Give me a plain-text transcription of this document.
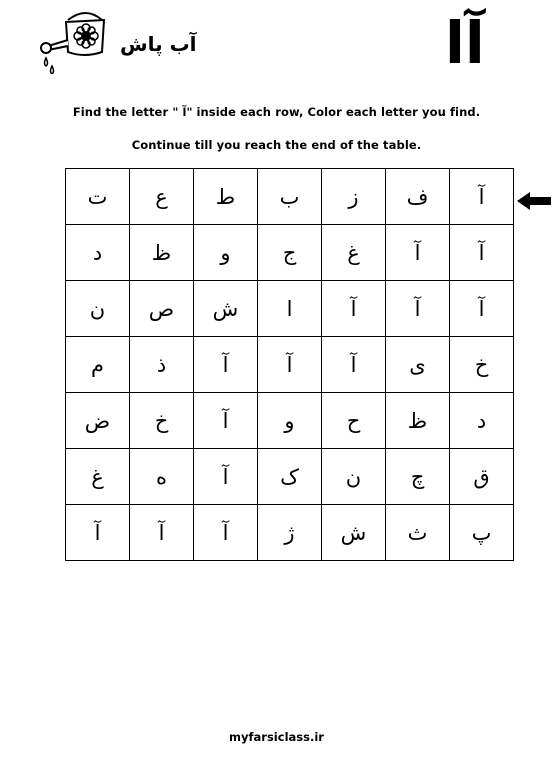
آب پاش	آا
Find the letter " آ" inside each row, Color each letter you find.
Continue till you reach the end of the table.
ت	ع	ط	ب	ز	ف	آ
د	ظ	و	ج	غ	آ	آ
ن	ص	ش	ا	آ	آ	آ
م	ذ	آ	آ	آ	ی	خ
ض	خ	آ	و	ح	ظ	د
غ	ه	آ	ک	ن	چ	ق
آ	آ	آ	ژ	ش	ث	پ
myfarsiclass.ir
